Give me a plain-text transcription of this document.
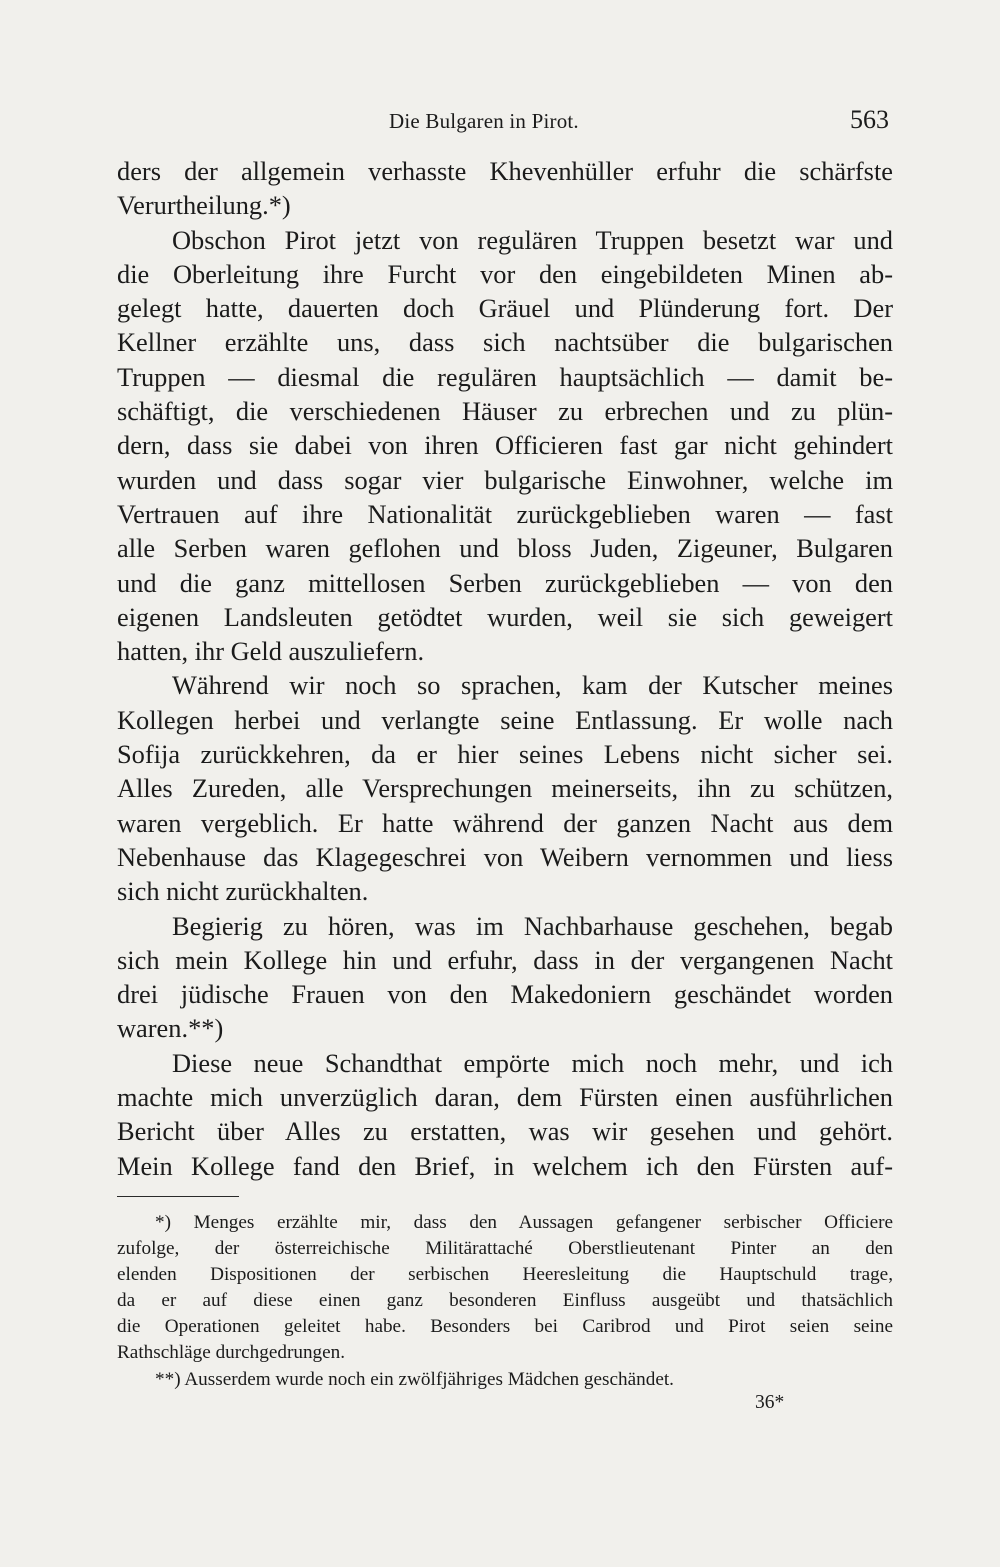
Die Bulgaren in Pirot.	563
ders der allgemein verhasste Khevenhüller erfuhr die schärfste
Verurtheilung.*)
Obschon Pirot jetzt von regulären Truppen besetzt war und
die Oberleitung ihre Furcht vor den eingebildeten Minen ab-
gelegt hatte, dauerten doch Gräuel und Plünderung fort. Der
Kellner erzählte uns, dass sich nachtsüber die bulgarischen
Truppen — diesmal die regulären hauptsächlich — damit be-
schäftigt, die verschiedenen Häuser zu erbrechen und zu plün-
dern, dass sie dabei von ihren Officieren fast gar nicht gehindert
wurden und dass sogar vier bulgarische Einwohner, welche im
Vertrauen auf ihre Nationalität zurückgeblieben waren — fast
alle Serben waren geflohen und bloss Juden, Zigeuner, Bulgaren
und die ganz mittellosen Serben zurückgeblieben — von den
eigenen Landsleuten getödtet wurden, weil sie sich geweigert
hatten, ihr Geld auszuliefern.
Während wir noch so sprachen, kam der Kutscher meines
Kollegen herbei und verlangte seine Entlassung. Er wolle nach
Sofija zurückkehren, da er hier seines Lebens nicht sicher sei.
Alles Zureden, alle Versprechungen meinerseits, ihn zu schützen,
waren vergeblich. Er hatte während der ganzen Nacht aus dem
Nebenhause das Klagegeschrei von Weibern vernommen und liess
sich nicht zurückhalten.
Begierig zu hören, was im Nachbarhause geschehen, begab
sich mein Kollege hin und erfuhr, dass in der vergangenen Nacht
drei jüdische Frauen von den Makedoniern geschändet worden
waren.**)
Diese neue Schandthat empörte mich noch mehr, und ich
machte mich unverzüglich daran, dem Fürsten einen ausführlichen
Bericht über Alles zu erstatten, was wir gesehen und gehört.
Mein Kollege fand den Brief, in welchem ich den Fürsten auf-
*) Menges erzählte mir, dass den Aussagen gefangener serbischer Officiere
zufolge, der österreichische Militärattaché Oberstlieutenant Pinter an den
elenden Dispositionen der serbischen Heeresleitung die Hauptschuld trage,
da er auf diese einen ganz besonderen Einfluss ausgeübt und thatsächlich
die Operationen geleitet habe. Besonders bei Caribrod und Pirot seien seine
Rathschläge durchgedrungen.
**) Ausserdem wurde noch ein zwölfjähriges Mädchen geschändet.
36*
